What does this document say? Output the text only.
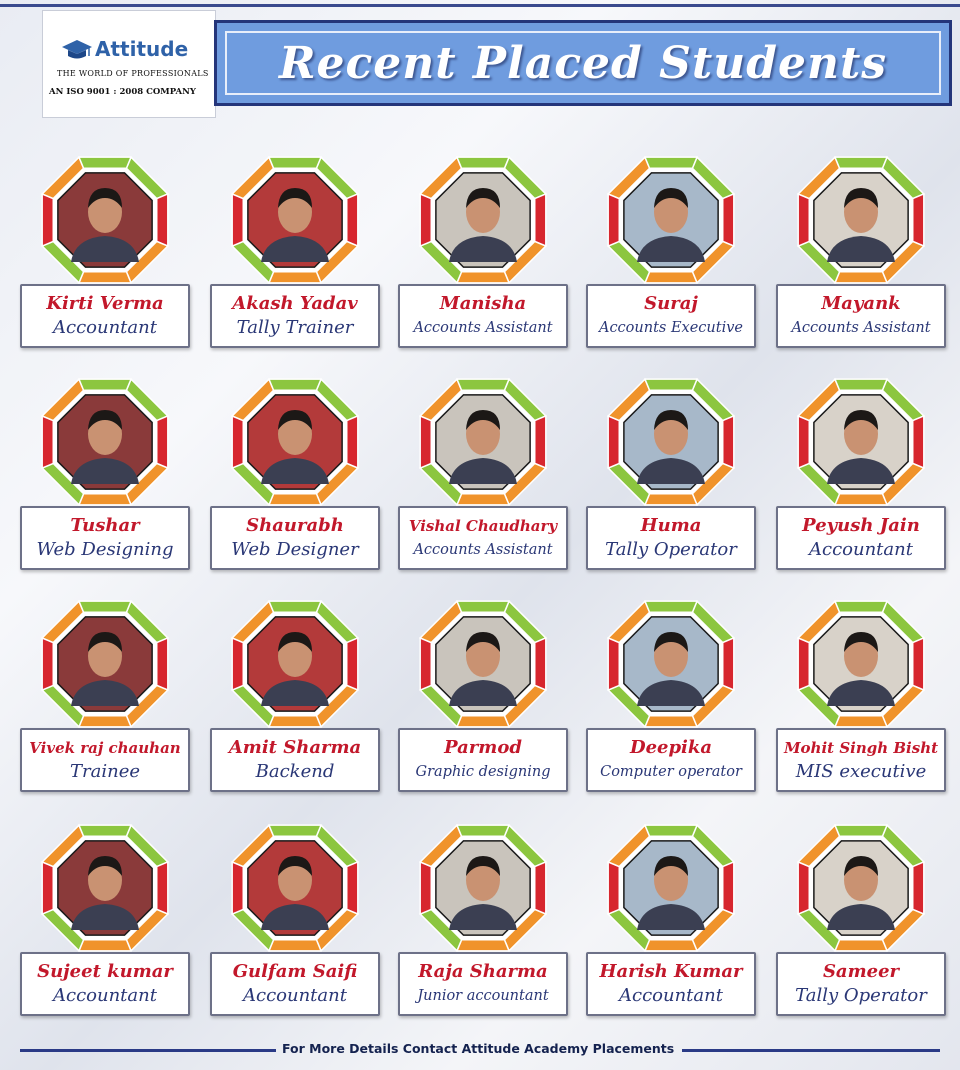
Attitude
THE WORLD OF PROFESSIONALS
AN ISO 9001 : 2008 COMPANY
Recent Placed Students
Kirti Verma
Accountant
Akash Yadav
Tally Trainer
Manisha
Accounts Assistant
Suraj
Accounts Executive
Mayank
Accounts Assistant
Tushar
Web Designing
Shaurabh
Web Designer
Vishal Chaudhary
Accounts Assistant
Huma
Tally Operator
Peyush Jain
Accountant
Vivek raj chauhan
Trainee
Amit Sharma
Backend
Parmod
Graphic designing
Deepika
Computer operator
Mohit Singh Bisht
MIS executive
Sujeet kumar
Accountant
Gulfam Saifi
Accountant
Raja Sharma
Junior accountant
Harish Kumar
Accountant
Sameer
Tally Operator
For More Details Contact Attitude Academy Placements
